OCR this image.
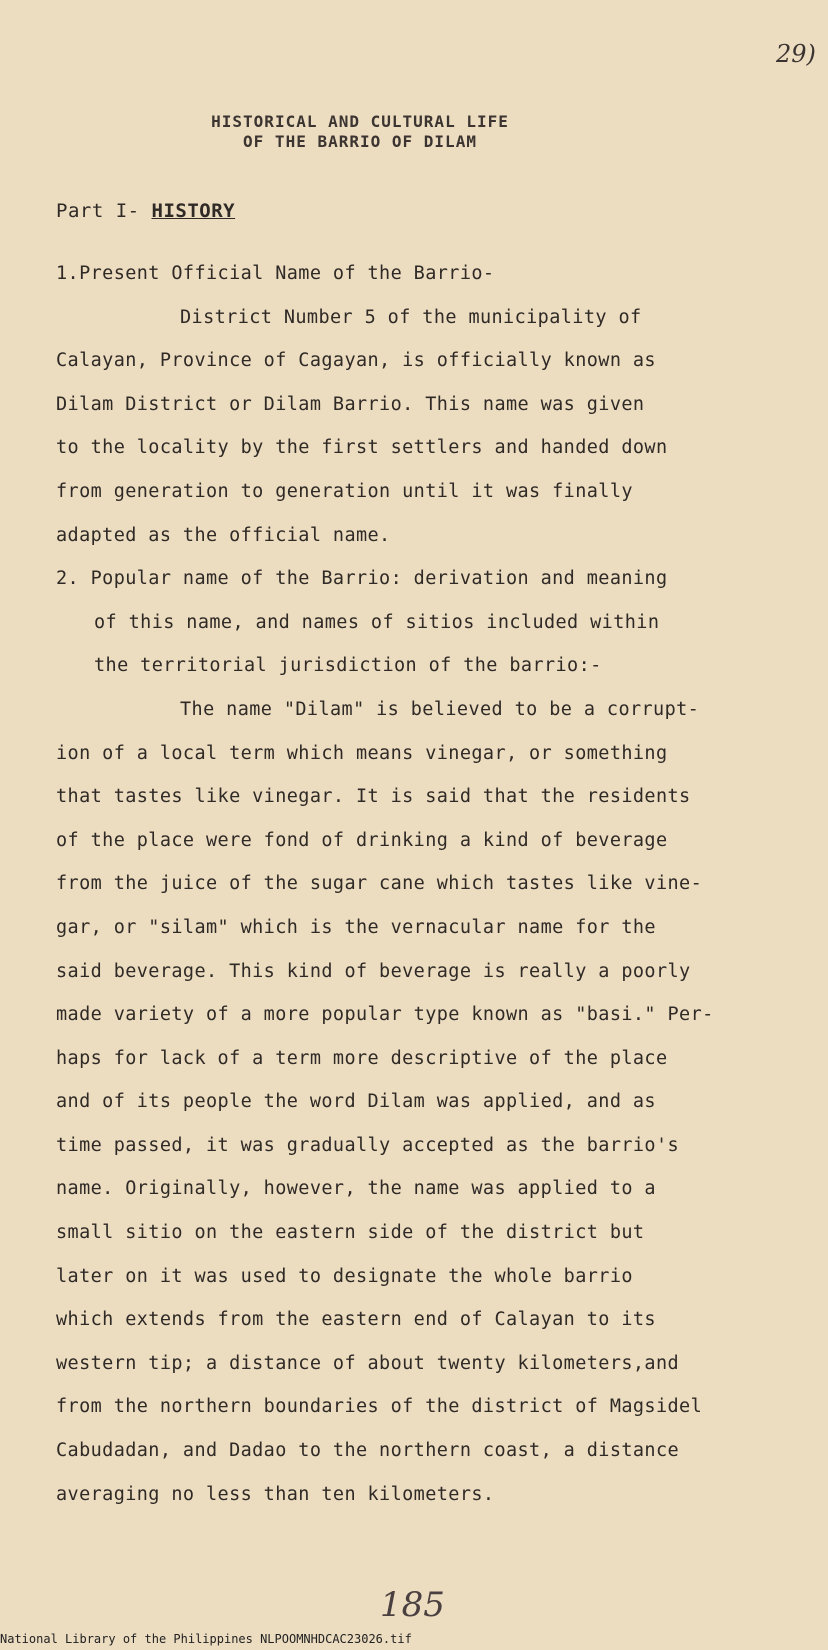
29)
HISTORICAL AND CULTURAL LIFE
OF THE BARRIO OF DILAM
Part I- HISTORY

1.Present Official Name of the Barrio-

District Number 5 of the municipality of

Calayan, Province of Cagayan, is officially known as

Dilam District or Dilam Barrio. This name was given

to the locality by the first settlers and handed down

from generation to generation until it was finally

adapted as the official name.

2. Popular name of the Barrio: derivation and meaning

of this name, and names of sitios included within

the territorial jurisdiction of the barrio:-

The name "Dilam" is believed to be a corrupt-

ion of a local term which means vinegar, or something

that tastes like vinegar. It is said that the residents

of the place were fond of drinking a kind of beverage

from the juice of the sugar cane which tastes like vine-

gar, or "silam" which is the vernacular name for the

said beverage. This kind of beverage is really a poorly

made variety of a more popular type known as "basi." Per-

haps for lack of a term more descriptive of the place

and of its people the word Dilam was applied, and as

time passed, it was gradually accepted as the barrio's

name. Originally, however, the name was applied to a

small sitio on the eastern side of the district but

later on it was used to designate the whole barrio

which extends from the eastern end of Calayan to its

western tip; a distance of about twenty kilometers,and

from the northern boundaries of the district of Magsidel

Cabudadan, and Dadao to the northern coast, a distance

averaging no less than ten kilometers.

185
National Library of the Philippines NLPOOMNHDCAC23026.tif
